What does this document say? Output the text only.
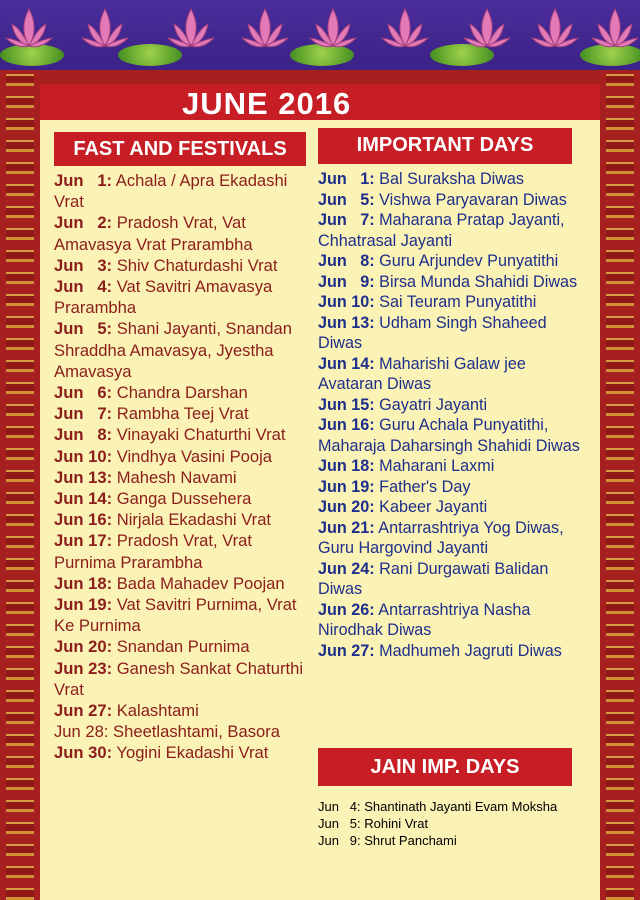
JUNE 2016
FAST AND FESTIVALS	IMPORTANT DAYS

Jun   1: Achala / Apra Ekadashi Vrat

Jun   2: Pradosh Vrat, Vat Amavasya Vrat Prarambha

Jun   3: Shiv Chaturdashi Vrat

Jun   4: Vat Savitri Amavasya Prarambha

Jun   5: Shani Jayanti, Snandan Shraddha Amavasya, Jyestha Amavasya

Jun   6: Chandra Darshan

Jun   7: Rambha Teej Vrat

Jun   8: Vinayaki Chaturthi Vrat

Jun 10: Vindhya Vasini Pooja

Jun 13: Mahesh Navami

Jun 14: Ganga Dussehera

Jun 16: Nirjala Ekadashi Vrat

Jun 17: Pradosh Vrat, Vrat Purnima Prarambha

Jun 18: Bada Mahadev Poojan

Jun 19: Vat Savitri Purnima, Vrat Ke Purnima

Jun 20: Snandan Purnima

Jun 23: Ganesh Sankat Chaturthi Vrat

Jun 27: Kalashtami

Jun 28: Sheetlashtami, Basora

Jun 30: Yogini Ekadashi Vrat

Jun   1: Bal Suraksha Diwas

Jun   5: Vishwa Paryavaran Diwas

Jun   7: Maharana Pratap Jayanti, Chhatrasal Jayanti

Jun   8: Guru Arjundev Punyatithi

Jun   9: Birsa Munda Shahidi Diwas

Jun 10: Sai Teuram Punyatithi

Jun 13: Udham Singh Shaheed Diwas

Jun 14: Maharishi Galaw jee Avataran Diwas

Jun 15: Gayatri Jayanti

Jun 16: Guru Achala Punyatithi, Maharaja Daharsingh Shahidi Diwas

Jun 18: Maharani Laxmi

Jun 19: Father's Day

Jun 20: Kabeer Jayanti

Jun 21: Antarrashtriya Yog Diwas, Guru Hargovind Jayanti

Jun 24: Rani Durgawati Balidan Diwas

Jun 26: Antarrashtriya Nasha Nirodhak Diwas

Jun 27: Madhumeh Jagruti Diwas

JAIN IMP. DAYS

Jun   4: Shantinath Jayanti Evam Moksha

Jun   5: Rohini Vrat

Jun   9: Shrut Panchami
